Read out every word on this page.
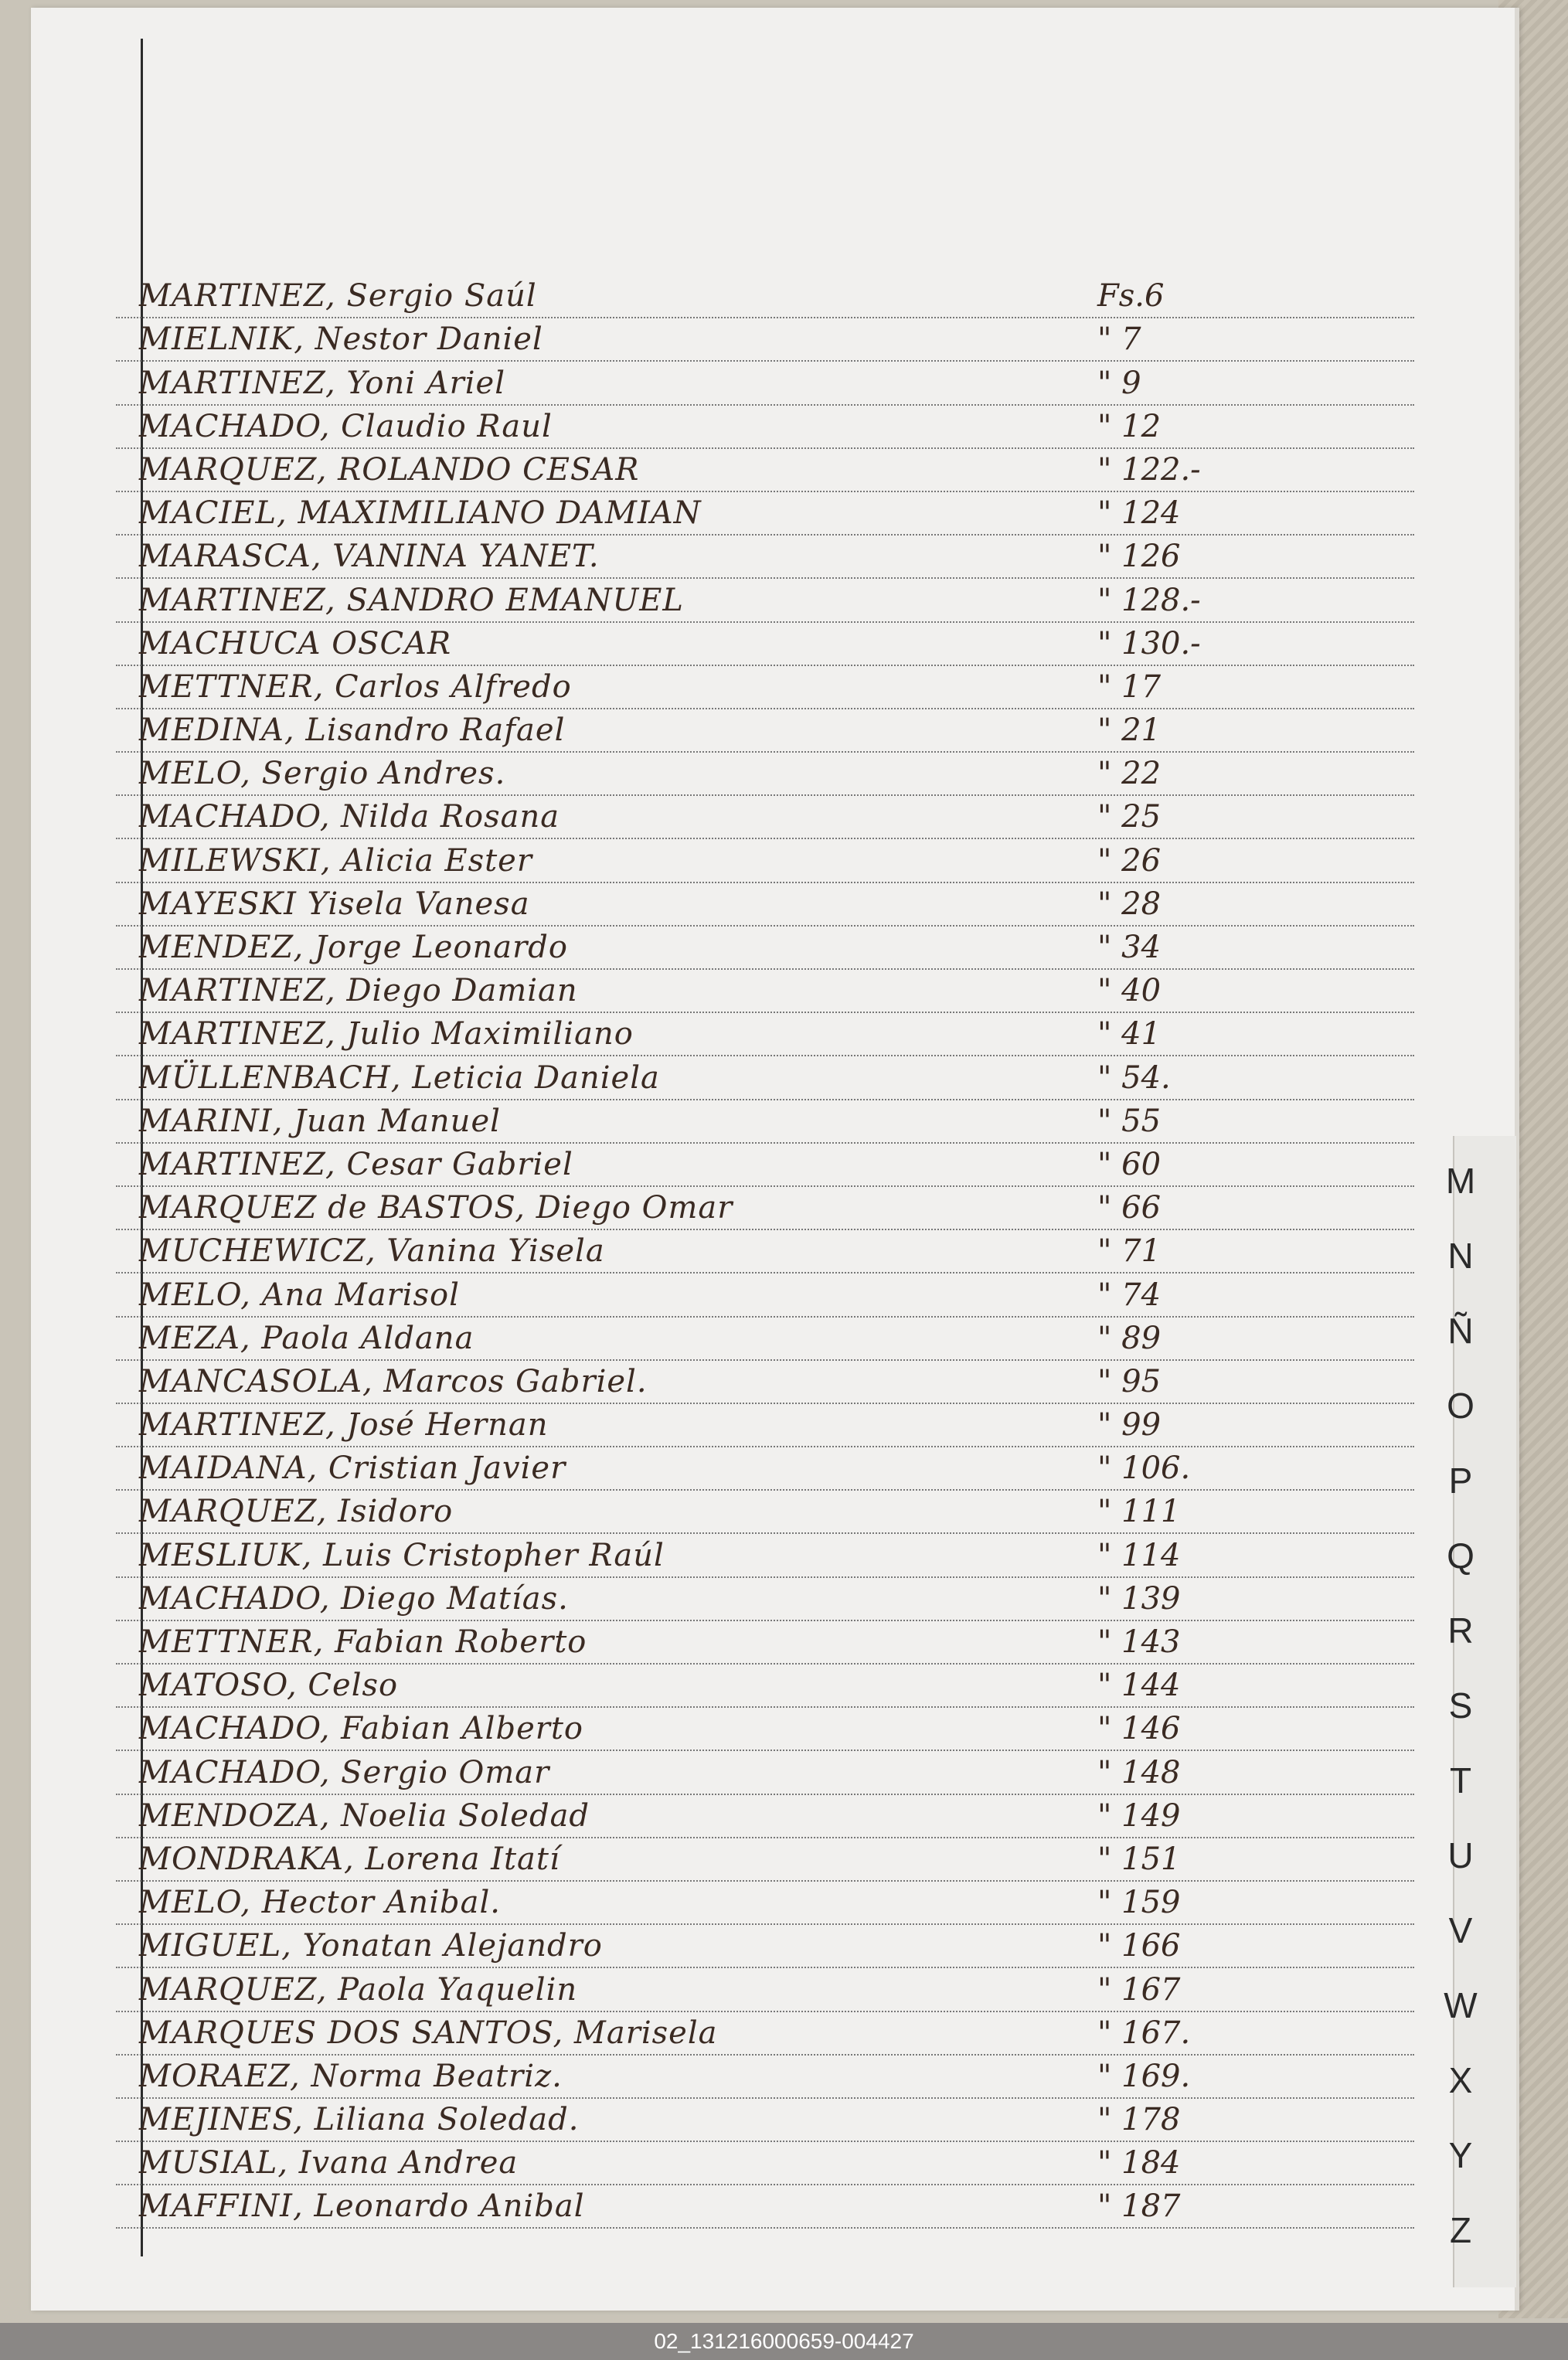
MARTINEZ, Sergio Saúl	Fs.6
MIELNIK, Nestor Daniel	" 7
MARTINEZ, Yoni Ariel	" 9
MACHADO, Claudio Raul	" 12
MARQUEZ, ROLANDO CESAR	" 122.-
MACIEL, MAXIMILIANO DAMIAN	" 124
MARASCA, VANINA YANET.	" 126
MARTINEZ, SANDRO EMANUEL	" 128.-
MACHUCA OSCAR	" 130.-
METTNER, Carlos Alfredo	" 17
MEDINA, Lisandro Rafael	" 21
MELO, Sergio Andres.	" 22
MACHADO, Nilda Rosana	" 25
MILEWSKI, Alicia Ester	" 26
MAYESKI Yisela Vanesa	" 28
MENDEZ, Jorge Leonardo	" 34
MARTINEZ, Diego Damian	" 40
MARTINEZ, Julio Maximiliano	" 41
MÜLLENBACH, Leticia Daniela	" 54.
MARINI, Juan Manuel	" 55
MARTINEZ, Cesar Gabriel	" 60
MARQUEZ de BASTOS, Diego Omar	" 66
MUCHEWICZ, Vanina Yisela	" 71
MELO, Ana Marisol	" 74
MEZA, Paola Aldana	" 89
MANCASOLA, Marcos Gabriel.	" 95
MARTINEZ, José Hernan	" 99
MAIDANA, Cristian Javier	" 106.
MARQUEZ, Isidoro	" 111
MESLIUK, Luis Cristopher Raúl	" 114
MACHADO, Diego Matías.	" 139
METTNER, Fabian Roberto	" 143
MATOSO, Celso	" 144
MACHADO, Fabian Alberto	" 146
MACHADO, Sergio Omar	" 148
MENDOZA, Noelia Soledad	" 149
MONDRAKA, Lorena Itatí	" 151
MELO, Hector Anibal.	" 159
MIGUEL, Yonatan Alejandro	" 166
MARQUEZ, Paola Yaquelin	" 167
MARQUES DOS SANTOS, Marisela	" 167.
MORAEZ, Norma Beatriz.	" 169.
MEJINES, Liliana Soledad.	" 178
MUSIAL, Ivana Andrea	" 184
MAFFINI, Leonardo Anibal	" 187
M
N
Ñ
O
P
Q
R
S
T
U
V
W
X
Y
Z
02_131216000659-004427
